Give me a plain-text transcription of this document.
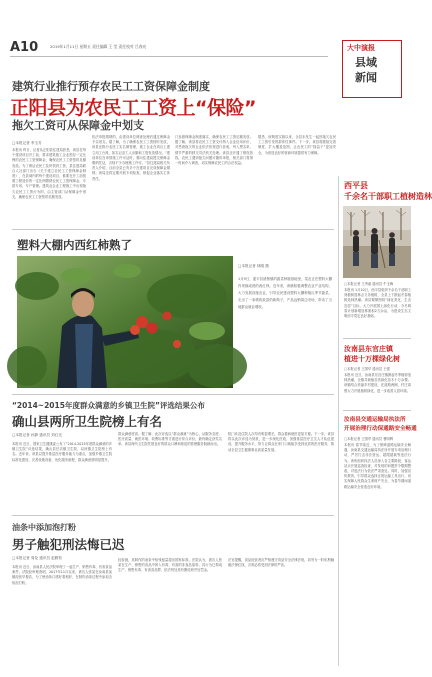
A10	2019年1月11日 星期五 责任编辑 王 莹 责任校对 吕春亮	大中演报
县域
新闻
建筑行业推行预存农民工工资保障金制度
正阳县为农民工工资上“保险”
拖欠工资可从保障金中划支
□本报记者 李玉芳
本报讯 昨日，记者从正阳县住建局获悉，该县在每个建设项目开工前，要求建筑施工企业预存一定比例的农民工工资保障金，确保农民工工资按时足额发放。为了保证农民工及时领到工资，县住建局联合人社部门出台《关于建立农民工工资保障金制度》，在县域内的每个建设项目，都要在开工前按照工程造价的一定比例缴纳农民工工资保障金，专款专用，专户管理。建筑业企业工程施工中出现拖欠农民工工资行为的，由主管部门从保障金中划支，确保农民工工资按时足额发放。
依法申报缴纳的，由建设单位调查处理后通过保障金予以划支。据了解，为了确保农民工工资按时发放，该县还推行农民工实名制管理，施工企业在项目上建立用工台账，如实记录工人出勤和工资发放情况。“建设单位在申领施工许可证时，要向住建局提交保障金缴纳凭证，否则不予办理施工许可。”县住建局相关负责人介绍，目前全县已有多个在建项目完成保障金缴纳。该局还将定期开展专项检查，督促企业落实主体责任。
门参照保障金制度落实，确保农民工工资足额发放。据了解，该县将农民工工资支付纳入企业信用评价，对恶意拖欠的企业依法依规进行惩戒，列入黑名单，情节严重的移交司法机关处理。该县还开通了维权热线，农民工遇到拖欠问题可随时举报，相关部门将第一时间介入调查，切实保障农民工的合法权益。
据悉，该制度实施以来，全县未发生一起因拖欠农民工工资引发的群体性事件。下一步，该县将继续完善制度，扩大覆盖范围，让农民工的“钱袋子”更加安全，为营造良好的营商环境提供有力保障。
塑料大棚内西红柿熟了
□本报记者 林刚 摄
1月9日，遂平县褚堡镇的蔬菜种植基地里，菜农正在塑料大棚内采摘成熟的西红柿。近年来，该镇积极调整农业产业结构，大力发展设施农业，引导农民建设塑料大棚种植反季节蔬菜，走出了一条增收致富的新路子，产品远销周边市场，带动了当地群众就业增收。
“2014~2015年度群众满意的乡镇卫生院”评选结果公布
确山县两所卫生院榜上有名
□本报记者 孙静 通讯员 刘红光
本报讯 近日，国家卫生健康委公布了“2014-2015年度群众满意的乡镇卫生院”评选结果，确山县任店镇卫生院、双河镇卫生院榜上有名。近年来，该县以提升基层医疗服务能力为重点，加强乡镇卫生院标准化建设，完善设施设备，优化服务流程，群众满意度明显提升。
群众满意度高。据了解，此次评选以“群众满意”为核心，从服务态度、医疗质量、就医环境、收费标准等方面进行综合评价，最终确定获奖名单。该县两所卫生院凭借良好的群众口碑和规范的管理服务脱颖而出。
院门诊及住院人次均有明显增长，群众看病就医更加方便。下一步，该县将以此次评选为契机，进一步深化医改，加强基层医疗卫生人才队伍建设，提升服务水平，努力让群众在家门口就能享受到优质的医疗服务，推动全县卫生健康事业高质量发展。
油条中添加泡打粉
男子触犯刑法悔已迟
□本报记者 周伦 通讯员 赵勤松
本报讯 近日，汝南县人民法院审理了一起生产、销售有毒、有害食品案件。法院经审理查明，2017年11月以来，被告人张某在汝南县某镇经营早餐店，为了使油条口感好看相好，在制作油条过程中添加含铝泡打粉。
经检测，其制作的油条中铝残留量超出国家标准。法院认为，被告人张某在生产、销售的食品中掺入有毒、有害的非食品原料，其行为已构成生产、销售有毒、有害食品罪，依法判处其有期徒刑并处罚金。
法官提醒，食品经营者应严格遵守食品安全法律法规，切勿为一时私利触碰法律红线，否则必将受到法律的严惩。
西平县
千余名干部职工植树造林
□本报记者 王秀丽 通讯员 牛玉梅
本报讯 1月10日，西平县组织千余名干部职工到植树造林点义务植树，全县上下掀起冬春植树造林热潮。该县紧紧围绕“绿化美化、生态宜居”目标，大力开展国土绿化行动，今冬明春计划新增造林面积2万余亩，为建设生态文明西平奠定良好基础。
汝南县东官庄镇
植进十万棵绿化树
□本报记者 王国华 通讯员 王强
本报讯 近日，汝南县东官庄镇掀起冬季植树造林热潮，全镇共栽植各类绿化苗木十万余棵。该镇结合美丽乡村建设，在道路两侧、村庄周围大力开展植树绿化，进一步改善人居环境。
汝南县交通运输局执法所
开展治理行动保通路安全畅通
□本报记者 王国华 通讯员 曹明辉
本报讯 春节临近，为了保障道路运输安全畅通，汝南县交通运输局执法所开展专项治理行动，严厉打击非法营运、超限超载等违法行为。该所组织执法人员深入各主要路段、客运站点开展巡查检查，对发现的问题责令限期整改，对违法行为依法严肃查处。同时，加强宣传教育，引导群众选择正规运输工具出行，切实保障人民群众生命财产安全，为春节期间道路运输安全营造良好环境。
